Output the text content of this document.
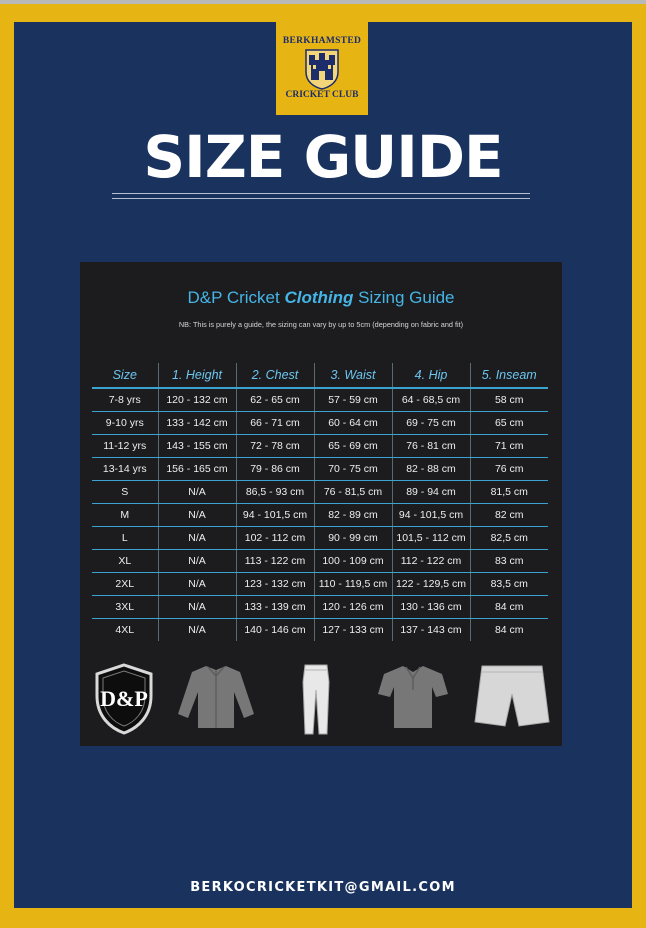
BERKHAMSTED
CRICKET CLUB
SIZE GUIDE
D&P Cricket Clothing Sizing Guide
NB: This is purely a guide, the sizing can vary by up to 5cm (depending on fabric and fit)
Size	1. Height	2. Chest	3. Waist	4. Hip	5. Inseam
7-8 yrs	120 - 132 cm	62 - 65 cm	57 - 59 cm	64 - 68,5 cm	58 cm
9-10 yrs	133 - 142 cm	66 - 71 cm	60 - 64 cm	69 - 75 cm	65 cm
11-12 yrs	143 - 155 cm	72 - 78 cm	65 - 69 cm	76 - 81 cm	71 cm
13-14 yrs	156 - 165 cm	79 - 86 cm	70 - 75 cm	82 - 88 cm	76 cm
S	N/A	86,5 - 93 cm	76 - 81,5 cm	89 - 94 cm	81,5 cm
M	N/A	94 - 101,5 cm	82 - 89 cm	94 - 101,5 cm	82 cm
L	N/A	102 - 112 cm	90 - 99 cm	101,5 - 112 cm	82,5 cm
XL	N/A	113 - 122 cm	100 - 109 cm	112 - 122 cm	83 cm
2XL	N/A	123 - 132 cm	110 - 119,5 cm	122 - 129,5 cm	83,5 cm
3XL	N/A	133 - 139 cm	120 - 126 cm	130 - 136 cm	84 cm
4XL	N/A	140 - 146 cm	127 - 133 cm	137 - 143 cm	84 cm
D&P
BERKOCRICKETKIT@GMAIL.COM
